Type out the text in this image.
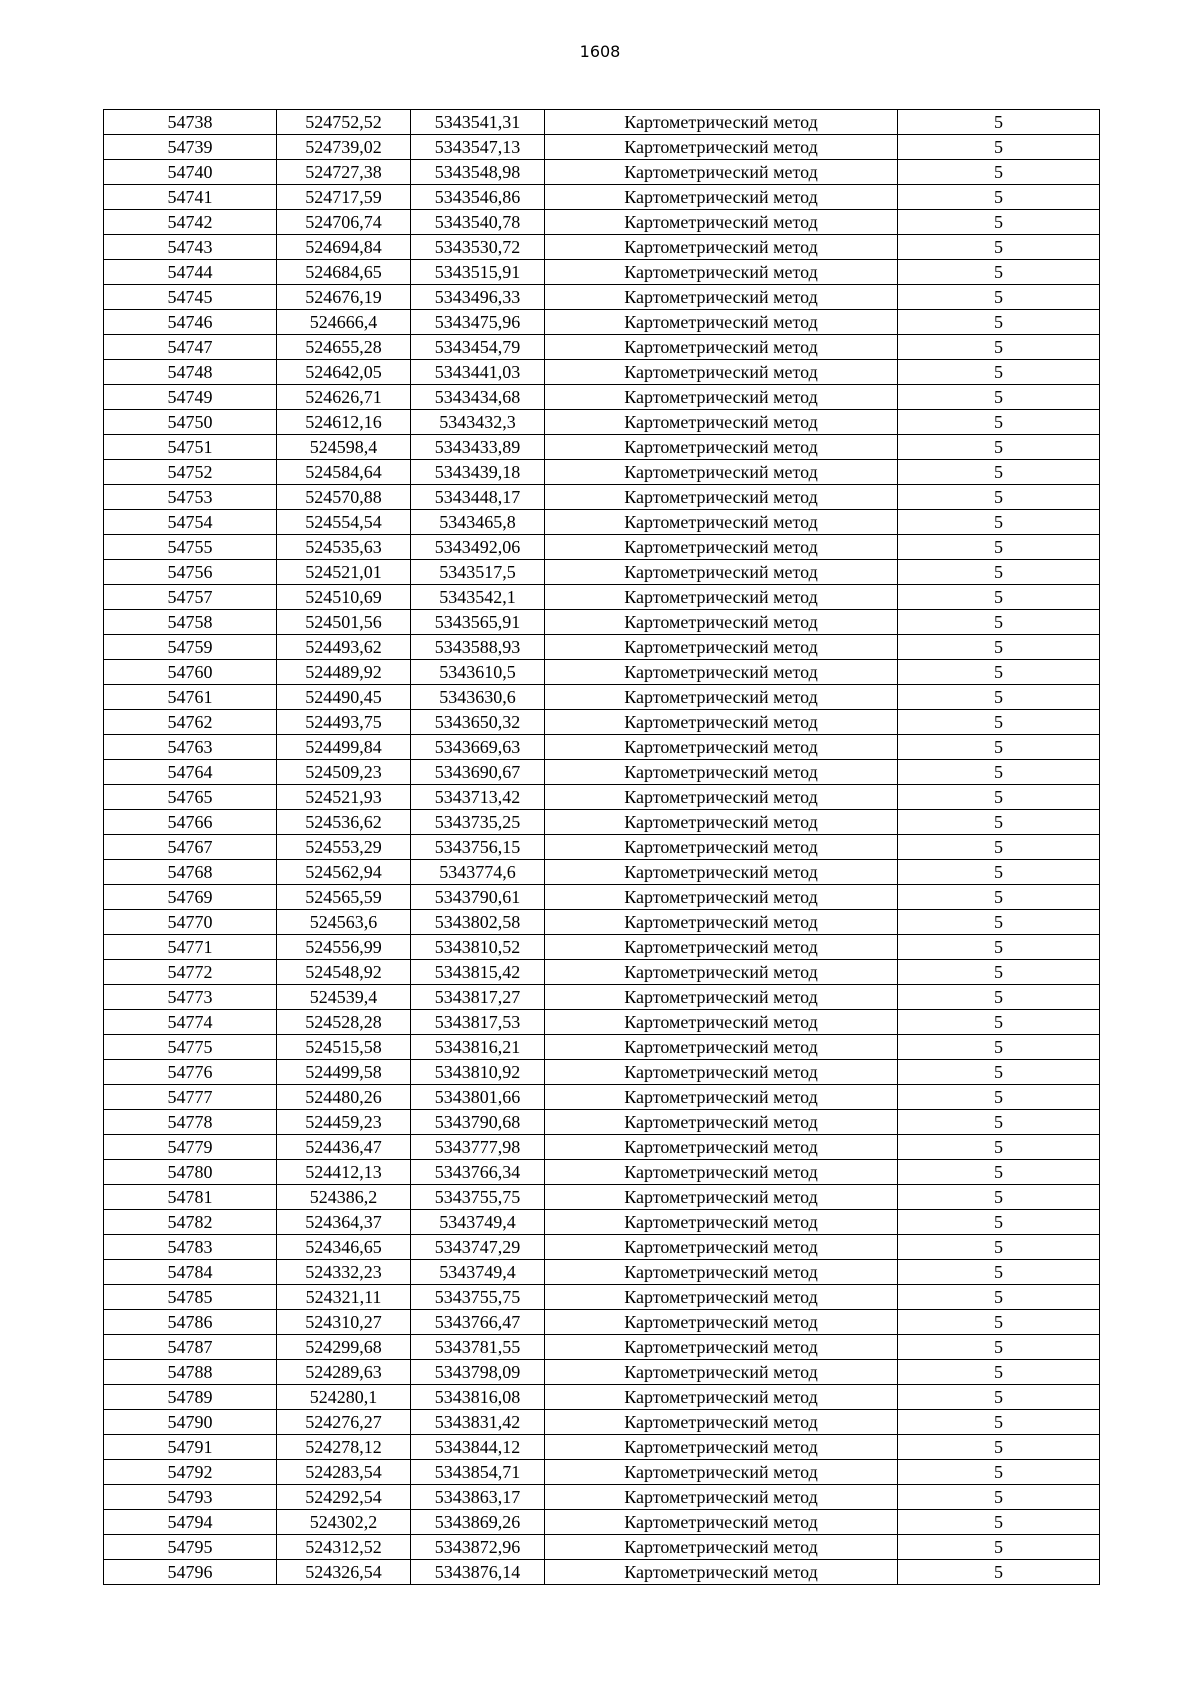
1608
54738	524752,52	5343541,31	Картометрический метод	5
54739	524739,02	5343547,13	Картометрический метод	5
54740	524727,38	5343548,98	Картометрический метод	5
54741	524717,59	5343546,86	Картометрический метод	5
54742	524706,74	5343540,78	Картометрический метод	5
54743	524694,84	5343530,72	Картометрический метод	5
54744	524684,65	5343515,91	Картометрический метод	5
54745	524676,19	5343496,33	Картометрический метод	5
54746	524666,4	5343475,96	Картометрический метод	5
54747	524655,28	5343454,79	Картометрический метод	5
54748	524642,05	5343441,03	Картометрический метод	5
54749	524626,71	5343434,68	Картометрический метод	5
54750	524612,16	5343432,3	Картометрический метод	5
54751	524598,4	5343433,89	Картометрический метод	5
54752	524584,64	5343439,18	Картометрический метод	5
54753	524570,88	5343448,17	Картометрический метод	5
54754	524554,54	5343465,8	Картометрический метод	5
54755	524535,63	5343492,06	Картометрический метод	5
54756	524521,01	5343517,5	Картометрический метод	5
54757	524510,69	5343542,1	Картометрический метод	5
54758	524501,56	5343565,91	Картометрический метод	5
54759	524493,62	5343588,93	Картометрический метод	5
54760	524489,92	5343610,5	Картометрический метод	5
54761	524490,45	5343630,6	Картометрический метод	5
54762	524493,75	5343650,32	Картометрический метод	5
54763	524499,84	5343669,63	Картометрический метод	5
54764	524509,23	5343690,67	Картометрический метод	5
54765	524521,93	5343713,42	Картометрический метод	5
54766	524536,62	5343735,25	Картометрический метод	5
54767	524553,29	5343756,15	Картометрический метод	5
54768	524562,94	5343774,6	Картометрический метод	5
54769	524565,59	5343790,61	Картометрический метод	5
54770	524563,6	5343802,58	Картометрический метод	5
54771	524556,99	5343810,52	Картометрический метод	5
54772	524548,92	5343815,42	Картометрический метод	5
54773	524539,4	5343817,27	Картометрический метод	5
54774	524528,28	5343817,53	Картометрический метод	5
54775	524515,58	5343816,21	Картометрический метод	5
54776	524499,58	5343810,92	Картометрический метод	5
54777	524480,26	5343801,66	Картометрический метод	5
54778	524459,23	5343790,68	Картометрический метод	5
54779	524436,47	5343777,98	Картометрический метод	5
54780	524412,13	5343766,34	Картометрический метод	5
54781	524386,2	5343755,75	Картометрический метод	5
54782	524364,37	5343749,4	Картометрический метод	5
54783	524346,65	5343747,29	Картометрический метод	5
54784	524332,23	5343749,4	Картометрический метод	5
54785	524321,11	5343755,75	Картометрический метод	5
54786	524310,27	5343766,47	Картометрический метод	5
54787	524299,68	5343781,55	Картометрический метод	5
54788	524289,63	5343798,09	Картометрический метод	5
54789	524280,1	5343816,08	Картометрический метод	5
54790	524276,27	5343831,42	Картометрический метод	5
54791	524278,12	5343844,12	Картометрический метод	5
54792	524283,54	5343854,71	Картометрический метод	5
54793	524292,54	5343863,17	Картометрический метод	5
54794	524302,2	5343869,26	Картометрический метод	5
54795	524312,52	5343872,96	Картометрический метод	5
54796	524326,54	5343876,14	Картометрический метод	5
